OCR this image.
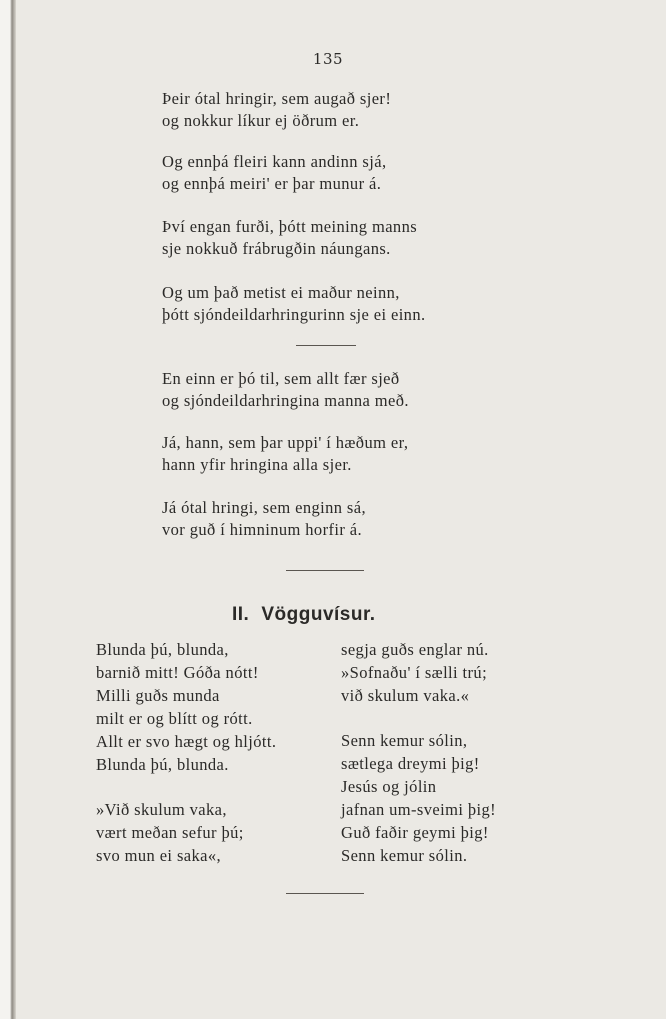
135
Þeir ótal hringir, sem augað sjer!
og nokkur líkur ej öðrum er.
Og ennþá fleiri kann andinn sjá,
og ennþá meiri' er þar munur á.
Því engan furði, þótt meining manns
sje nokkuð frábrugðin náungans.
Og um það metist ei maður neinn,
þótt sjóndeildarhringurinn sje ei einn.
En einn er þó til, sem allt fær sjeð
og sjóndeildarhringina manna með.
Já, hann, sem þar uppi' í hæðum er,
hann yfir hringina alla sjer.
Já ótal hringi, sem enginn sá,
vor guð í himninum horfir á.
II. Vögguvísur.
Blunda þú, blunda,
barnið mitt! Góða nótt!
Milli guðs munda
milt er og blítt og rótt.
Allt er svo hægt og hljótt.
Blunda þú, blunda.
»Við skulum vaka,
vært meðan sefur þú;
svo mun ei saka«,
segja guðs englar nú.
»Sofnaðu' í sælli trú;
við skulum vaka.«
Senn kemur sólin,
sætlega dreymi þig!
Jesús og jólin
jafnan um-sveimi þig!
Guð faðir geymi þig!
Senn kemur sólin.
